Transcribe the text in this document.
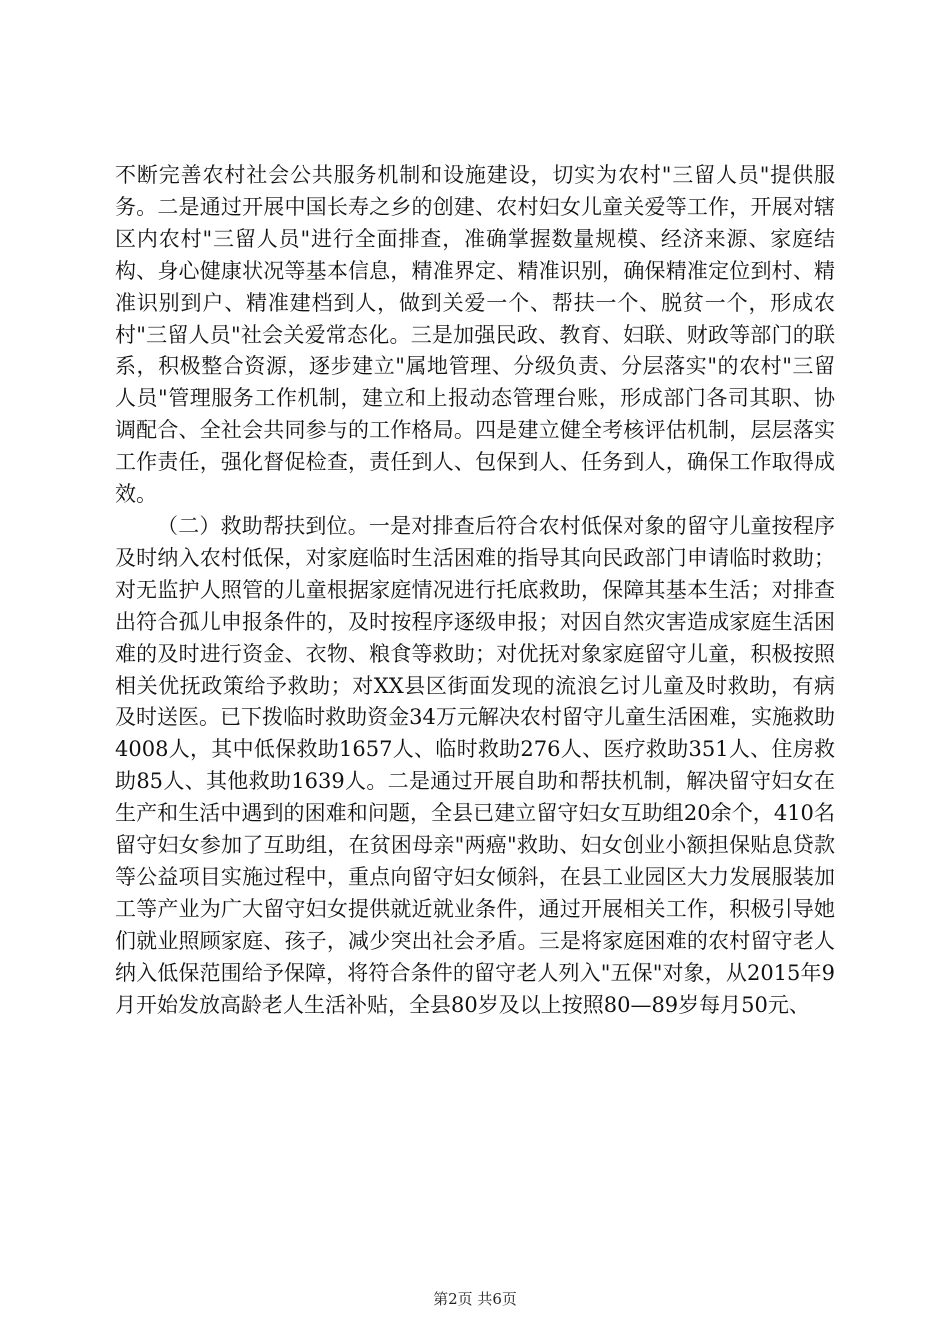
不断完善农村社会公共服务机制和设施建设，切实为农村"三留人员"提供服务。二是通过开展中国长寿之乡的创建、农村妇女儿童关爱等工作，开展对辖区内农村"三留人员"进行全面排查，准确掌握数量规模、经济来源、家庭结构、身心健康状况等基本信息，精准界定、精准识别，确保精准定位到村、精准识别到户、精准建档到人，做到关爱一个、帮扶一个、脱贫一个，形成农村"三留人员"社会关爱常态化。三是加强民政、教育、妇联、财政等部门的联系，积极整合资源，逐步建立"属地管理、分级负责、分层落实"的农村"三留人员"管理服务工作机制，建立和上报动态管理台账，形成部门各司其职、协调配合、全社会共同参与的工作格局。四是建立健全考核评估机制，层层落实工作责任，强化督促检查，责任到人、包保到人、任务到人，确保工作取得成效。

（二）救助帮扶到位。一是对排查后符合农村低保对象的留守儿童按程序及时纳入农村低保，对家庭临时生活困难的指导其向民政部门申请临时救助；对无监护人照管的儿童根据家庭情况进行托底救助，保障其基本生活；对排查出符合孤儿申报条件的，及时按程序逐级申报；对因自然灾害造成家庭生活困难的及时进行资金、衣物、粮食等救助；对优抚对象家庭留守儿童，积极按照相关优抚政策给予救助；对XX县区街面发现的流浪乞讨儿童及时救助，有病及时送医。已下拨临时救助资金34万元解决农村留守儿童生活困难，实施救助4008人，其中低保救助1657人、临时救助276人、医疗救助351人、住房救助85人、其他救助1639人。二是通过开展自助和帮扶机制，解决留守妇女在生产和生活中遇到的困难和问题，全县已建立留守妇女互助组20余个，410名留守妇女参加了互助组，在贫困母亲"两癌"救助、妇女创业小额担保贴息贷款等公益项目实施过程中，重点向留守妇女倾斜，在县工业园区大力发展服装加工等产业为广大留守妇女提供就近就业条件，通过开展相关工作，积极引导她们就业照顾家庭、孩子，减少突出社会矛盾。三是将家庭困难的农村留守老人纳入低保范围给予保障，将符合条件的留守老人列入"五保"对象，从2015年9月开始发放高龄老人生活补贴，全县80岁及以上按照80—89岁每月50元、

第2页 共6页
